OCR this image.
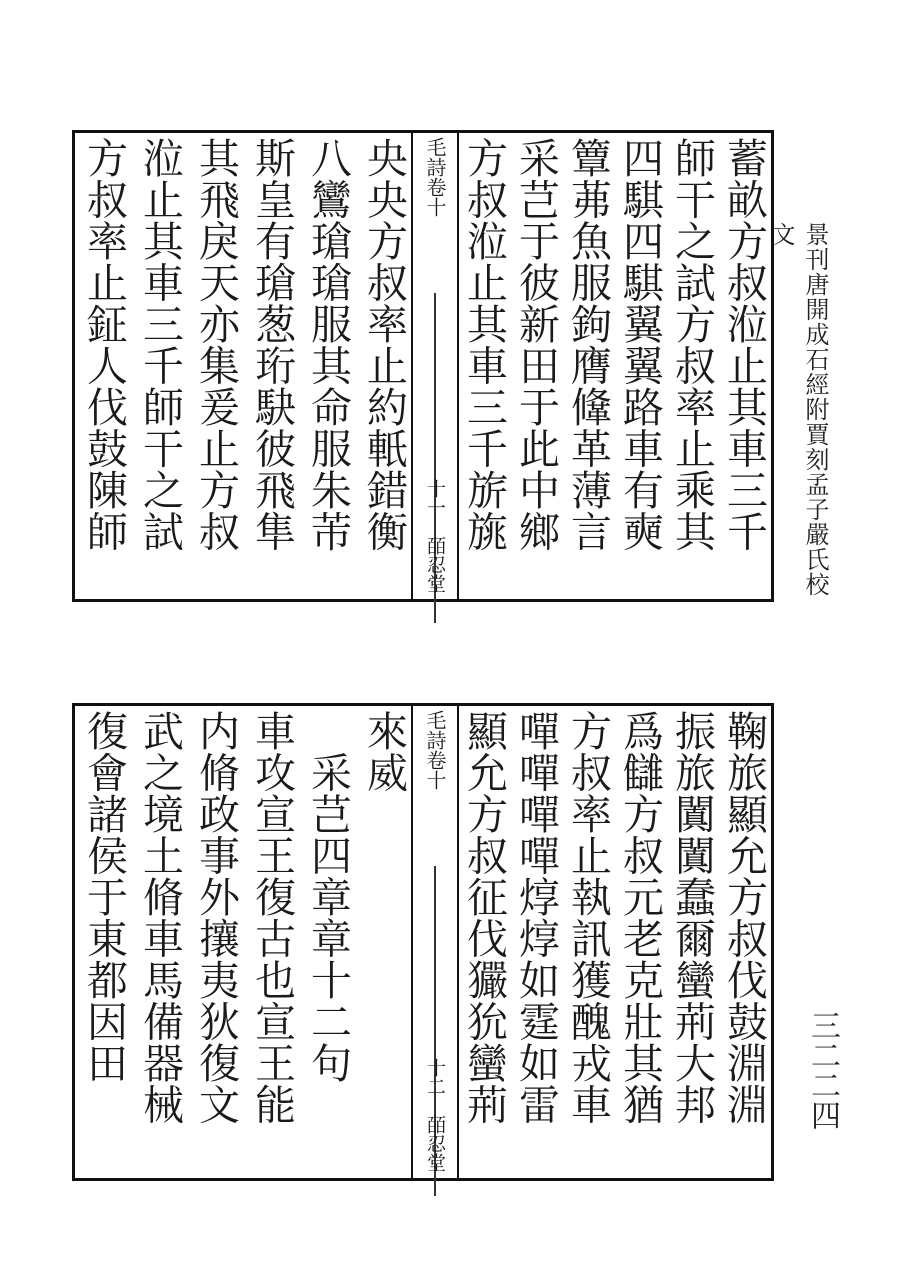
景刊唐開成石經附賈刻孟子嚴氏校文
三二二四
央央方叔率止約軝錯衡
八鸞瑲瑲服其命服朱芾
斯皇有瑲葱珩駃彼飛隼
其飛戾天亦集爰止方叔
涖止其車三千師干之試
方叔率止鉦人伐鼓陳師	毛詩卷十
十一　皕忍堂	蓄畝方叔涖止其車三千
師干之試方叔率止乘其
四騏四騏翼翼路車有奭
簟茀魚服鉤膺鞗革薄言
采芑于彼新田于此中鄉
方叔涖止其車三千旂旐
來威
　采芑四章章十二句
車攻宣王復古也宣王能
内脩政事外攘夷狄復文
武之境土脩車馬備器械
復會諸侯于東都因田	毛詩卷十
十二　皕忍堂	鞠旅顯允方叔伐鼓淵淵
振旅闐闐蠢爾蠻荊大邦
爲讎方叔元老克壯其猶
方叔率止執訊獲醜戎車
嘽嘽嘽嘽焞焞如霆如雷
顯允方叔征伐玁狁蠻荊
